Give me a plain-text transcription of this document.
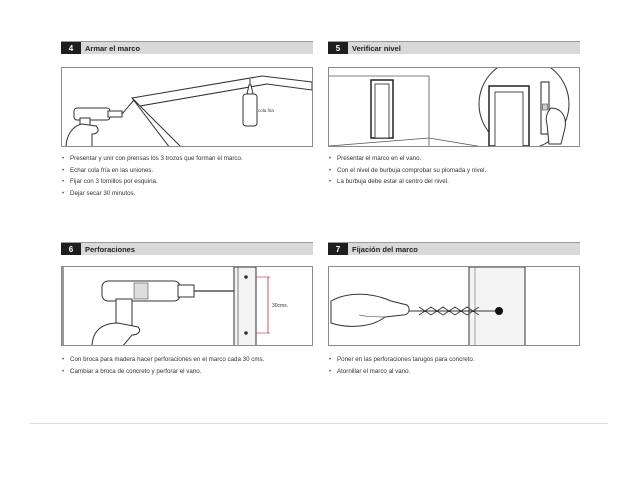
4	Armar el marco
cola fria
• Presentar y unir con prensas los 3 trozos que forman el marco.
• Echar cola fría en las uniones.
• Fijar con 3 tornillos por esquina.
• Dejar secar 30 minutos.
5	Verificar nivel
• Presentar el marco en el vano.
• Con el nivel de burbuja comprobar su plomada y nivel.
• La burbuja debe estar al centro del nivel.
6	Perforaciones
30cms.
• Con broca para madera hacer perforaciones en el marco cada 30 cms.
• Cambiar a broca de concreto y perforar el vano.
7	Fijación del marco
• Poner en las perforaciones tarugos para concreto.
• Atornillar el marco al vano.
